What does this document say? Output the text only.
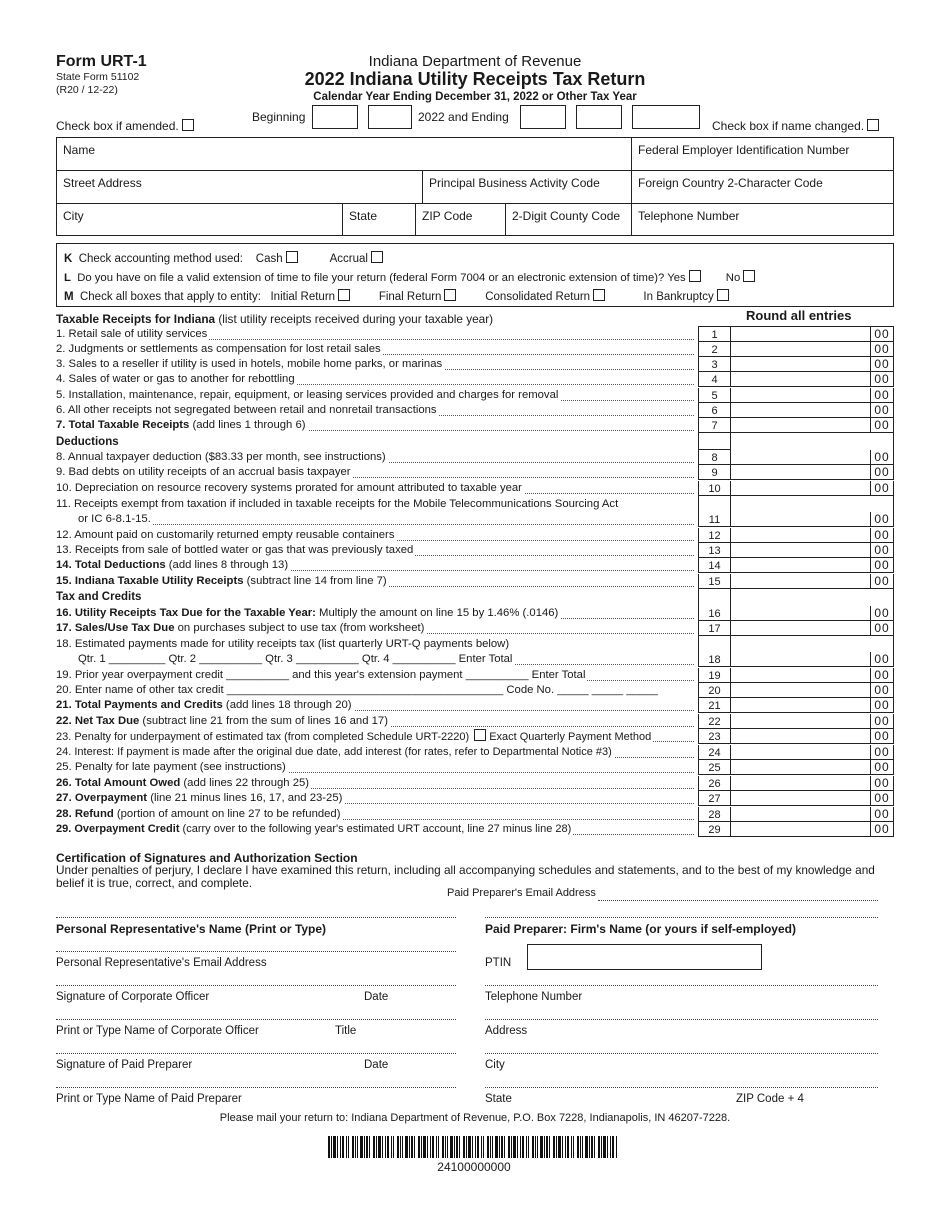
Form URT-1
State Form 51102
(R20 / 12-22)
Indiana Department of Revenue
2022 Indiana Utility Receipts Tax Return
Calendar Year Ending December 31, 2022 or Other Tax Year
Check box if amended.
Beginning	2022 and Ending
Check box if name changed.
Name	Federal Employer Identification Number
Street Address	Principal Business Activity Code	Foreign Country 2-Character Code
City	State	ZIP Code	2-Digit County Code	Telephone Number
K Check accounting method used: Cash	Accrual
L Do you have on file a valid extension of time to file your return (federal Form 7004 or an electronic extension of time)? Yes	No
M Check all boxes that apply to entity: Initial Return	Final Return	Consolidated Return	In Bankruptcy
Taxable Receipts for Indiana (list utility receipts received during your taxable year)	Round all entries
1. Retail sale of utility services	1	00
2. Judgments or settlements as compensation for lost retail sales	2	00
3. Sales to a reseller if utility is used in hotels, mobile home parks, or marinas	3	00
4. Sales of water or gas to another for rebottling	4	00
5. Installation, maintenance, repair, equipment, or leasing services provided and charges for removal	5	00
6. All other receipts not segregated between retail and nonretail transactions	6	00
7. Total Taxable Receipts (add lines 1 through 6)	7	00
Deductions
8. Annual taxpayer deduction ($83.33 per month, see instructions)	8	00
9. Bad debts on utility receipts of an accrual basis taxpayer	9	00
10. Depreciation on resource recovery systems prorated for amount attributed to taxable year	10	00
11. Receipts exempt from taxation if included in taxable receipts for the Mobile Telecommunications Sourcing Act
or IC 6-8.1-15.	11	00
12. Amount paid on customarily returned empty reusable containers	12	00
13. Receipts from sale of bottled water or gas that was previously taxed	13	00
14. Total Deductions (add lines 8 through 13)	14	00
15. Indiana Taxable Utility Receipts (subtract line 14 from line 7)	15	00
Tax and Credits
16. Utility Receipts Tax Due for the Taxable Year: Multiply the amount on line 15 by 1.46% (.0146)	16	00
17. Sales/Use Tax Due on purchases subject to use tax (from worksheet)	17	00
18. Estimated payments made for utility receipts tax (list quarterly URT-Q payments below)
Qtr. 1 _________ Qtr. 2 __________ Qtr. 3 __________ Qtr. 4 __________ Enter Total	18	00
19. Prior year overpayment credit __________ and this year's extension payment __________ Enter Total	19	00
20. Enter name of other tax credit ____________________________________________ Code No. _____ _____ _____	20	00
21. Total Payments and Credits (add lines 18 through 20)	21	00
22. Net Tax Due (subtract line 21 from the sum of lines 16 and 17)	22	00
23. Penalty for underpayment of estimated tax (from completed Schedule URT-2220) Exact Quarterly Payment Method	23	00
24. Interest: If payment is made after the original due date, add interest (for rates, refer to Departmental Notice #3)	24	00
25. Penalty for late payment (see instructions)	25	00
26. Total Amount Owed (add lines 22 through 25)	26	00
27. Overpayment (line 21 minus lines 16, 17, and 23-25)	27	00
28. Refund (portion of amount on line 27 to be refunded)	28	00
29. Overpayment Credit (carry over to the following year's estimated URT account, line 27 minus line 28)	29	00
Certification of Signatures and Authorization Section
Under penalties of perjury, I declare I have examined this return, including all accompanying schedules and statements, and to the best of my knowledge and belief it is true, correct, and complete.
Paid Preparer's Email Address
Personal Representative's Name (Print or Type)
Personal Representative's Email Address
Signature of Corporate Officer	Date
Print or Type Name of Corporate Officer	Title
Signature of Paid Preparer	Date
Print or Type Name of Paid Preparer
Paid Preparer: Firm's Name (or yours if self-employed)
PTIN
Telephone Number
Address
City
State	ZIP Code + 4
Please mail your return to: Indiana Department of Revenue, P.O. Box 7228, Indianapolis, IN 46207-7228.
24100000000
